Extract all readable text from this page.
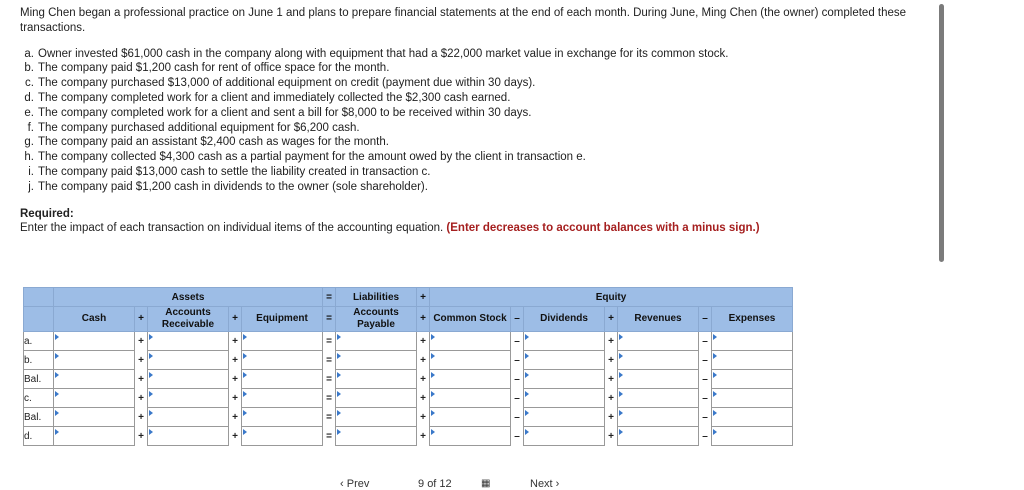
Ming Chen began a professional practice on June 1 and plans to prepare financial statements at the end of each month. During June, Ming Chen (the owner) completed these transactions.

a. Owner invested $61,000 cash in the company along with equipment that had a $22,000 market value in exchange for its common stock.
b. The company paid $1,200 cash for rent of office space for the month.
c. The company purchased $13,000 of additional equipment on credit (payment due within 30 days).
d. The company completed work for a client and immediately collected the $2,300 cash earned.
e. The company completed work for a client and sent a bill for $8,000 to be received within 30 days.
f. The company purchased additional equipment for $6,200 cash.
g. The company paid an assistant $2,400 cash as wages for the month.
h. The company collected $4,300 cash as a partial payment for the amount owed by the client in transaction e.
i. The company paid $13,000 cash to settle the liability created in transaction c.
j. The company paid $1,200 cash in dividends to the owner (sole shareholder).
Required:
Enter the impact of each transaction on individual items of the accounting equation. (Enter decreases to account balances with a minus sign.)
	Assets					=	Liabilities	+	Equity						
	Cash	+	Accounts Receivable	+	Equipment	=	Accounts Payable	+	Common Stock	–	Dividends	+	Revenues	–	Expenses
a.		+		+		=		+		–		+		–	

b.		+		+		=		+		–		+		–	

Bal.		+		+		=		+		–		+		–	

c.		+		+		=		+		–		+		–	

Bal.		+		+		=		+		–		+		–	

d.		+		+		=		+		–		+		–	
‹ Prev	9 of 12	▦	Next ›
